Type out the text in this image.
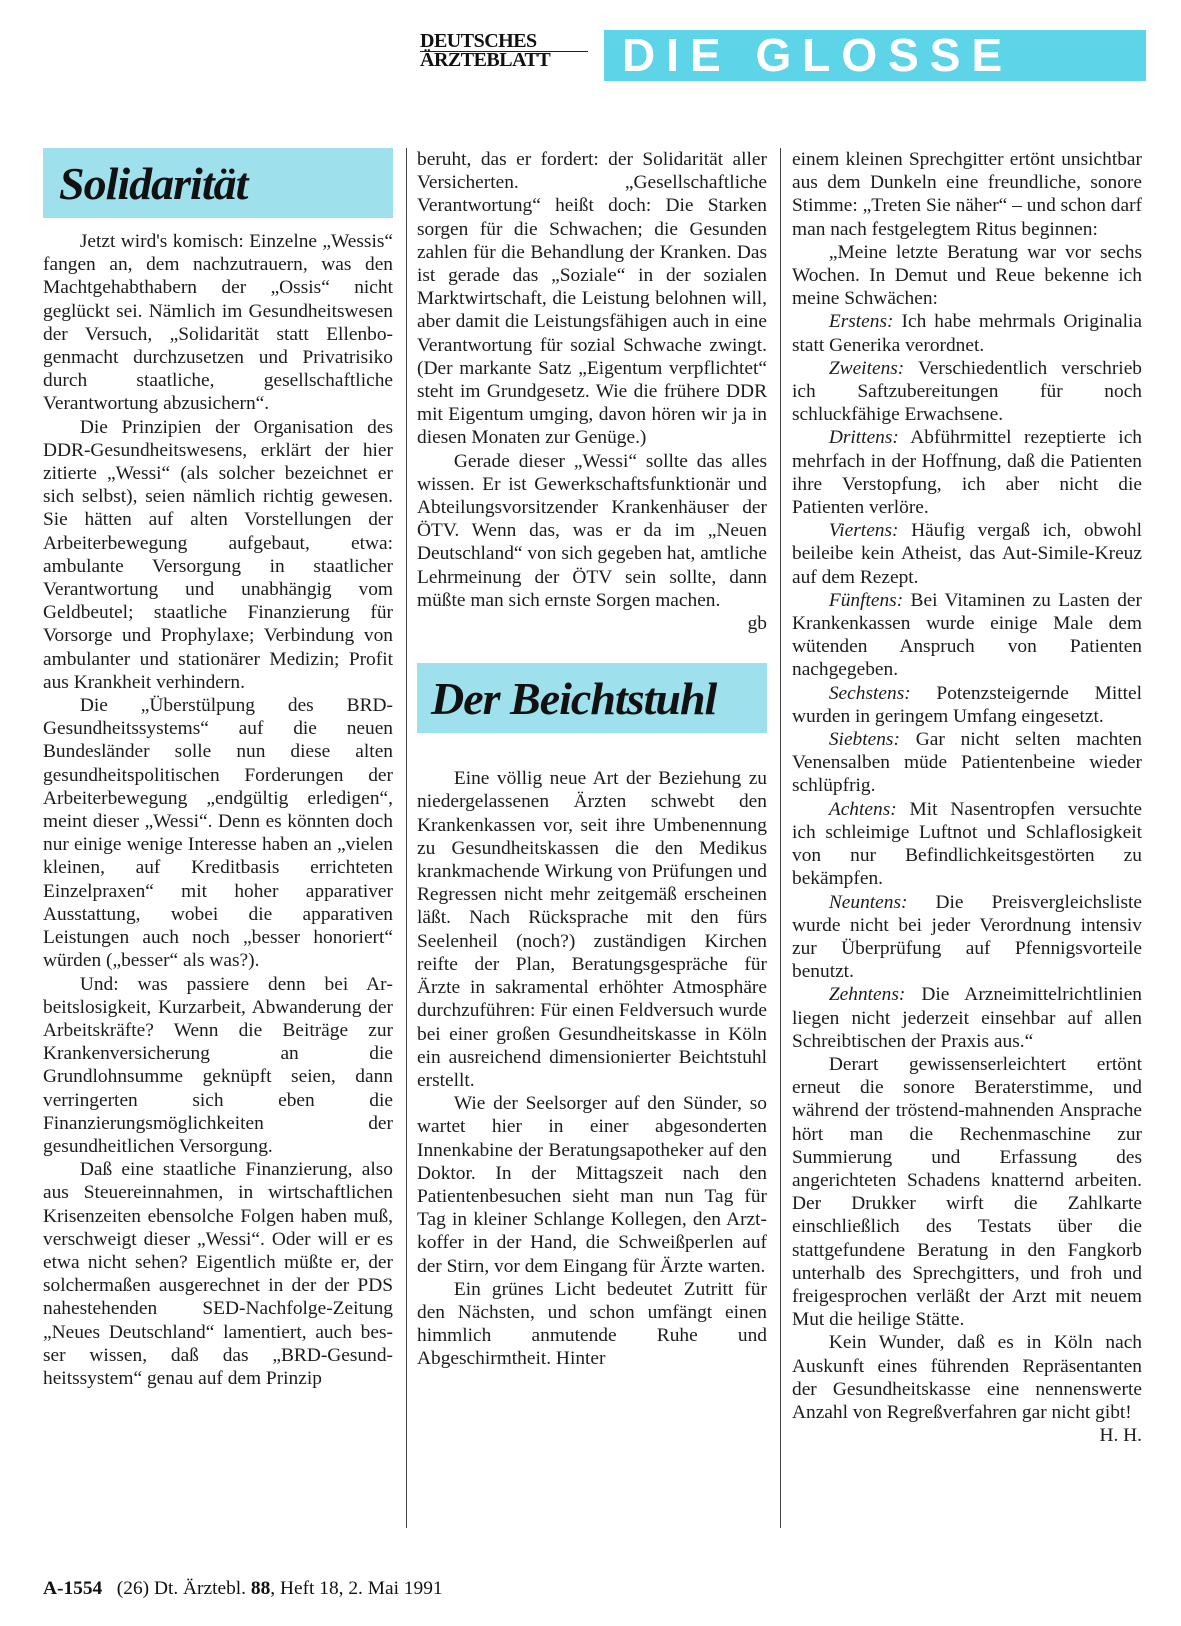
DEUTSCHES
ÄRZTEBLATT	DIE GLOSSE
Solidarität

Jetzt wird's komisch: Einzelne „Wessis“ fangen an, dem nachzutrauern, was den Machtgehabthabern der „Ossis“ nicht geglückt sei. Nämlich im Gesundheitswesen der Versuch, „Solidarität statt Ellenbogenmacht durchzusetzen und Privatrisiko durch staatliche, gesellschaftliche Verantwortung abzusichern“.

Die Prinzipien der Organisation des DDR-Gesundheitswesens, erklärt der hier zitierte „Wessi“ (als solcher bezeichnet er sich selbst), seien nämlich richtig gewesen. Sie hätten auf alten Vorstellungen der Arbeiterbewegung aufgebaut, etwa: ambulante Versorgung in staatlicher Verantwortung und unabhängig vom Geldbeutel; staatliche Finanzierung für Vorsorge und Prophylaxe; Verbindung von ambulanter und stationärer Medizin; Profit aus Krankheit verhindern.

Die „Überstülpung des BRD-Gesundheitssystems“ auf die neuen Bundesländer solle nun diese alten gesundheitspolitischen Forderungen der Arbeiterbewegung „endgültig erledigen“, meint dieser „Wessi“. Denn es könnten doch nur einige wenige Interesse haben an „vielen kleinen, auf Kreditbasis errichteten Einzelpraxen“ mit hoher apparativer Ausstattung, wobei die apparativen Leistungen auch noch „besser honoriert“ würden („besser“ als was?).

Und: was passiere denn bei Arbeitslosigkeit, Kurzarbeit, Abwanderung der Arbeitskräfte? Wenn die Beiträge zur Krankenversicherung an die Grundlohnsumme geknüpft seien, dann verringerten sich eben die Finanzierungsmöglichkeiten der gesundheitlichen Versorgung.

Daß eine staatliche Finanzierung, also aus Steuereinnahmen, in wirtschaftlichen Krisenzeiten ebensolche Folgen haben muß, verschweigt dieser „Wessi“. Oder will er es etwa nicht sehen? Eigentlich müßte er, der solchermaßen ausgerechnet in der der PDS nahestehenden SED-Nachfolge-Zeitung „Neues Deutschland“ lamentiert, auch besser wissen, daß das „BRD-Gesundheitssystem“ genau auf dem Prinzip

beruht, das er fordert: der Solidarität aller Versicherten. „Gesellschaftliche Verantwortung“ heißt doch: Die Starken sorgen für die Schwachen; die Gesunden zahlen für die Behandlung der Kranken. Das ist gerade das „Soziale“ in der sozialen Marktwirtschaft, die Leistung belohnen will, aber damit die Leistungsfähigen auch in eine Verantwortung für sozial Schwache zwingt. (Der markante Satz „Eigentum verpflichtet“ steht im Grundgesetz. Wie die frühere DDR mit Eigentum umging, davon hören wir ja in diesen Monaten zur Genüge.)

Gerade dieser „Wessi“ sollte das alles wissen. Er ist Gewerkschaftsfunktionär und Abteilungsvorsitzender Krankenhäuser der ÖTV. Wenn das, was er da im „Neuen Deutschland“ von sich gegeben hat, amtliche Lehrmeinung der ÖTV sein sollte, dann müßte man sich ernste Sorgen machen.

gb

Der Beichtstuhl

Eine völlig neue Art der Beziehung zu niedergelassenen Ärzten schwebt den Krankenkassen vor, seit ihre Umbenennung zu Gesundheitskassen die den Medikus krankmachende Wirkung von Prüfungen und Regressen nicht mehr zeitgemäß erscheinen läßt. Nach Rücksprache mit den fürs Seelenheil (noch?) zuständigen Kirchen reifte der Plan, Beratungsgespräche für Ärzte in sakramental erhöhter Atmosphäre durchzuführen: Für einen Feldversuch wurde bei einer großen Gesundheitskasse in Köln ein ausreichend dimensionierter Beichtstuhl erstellt.

Wie der Seelsorger auf den Sünder, so wartet hier in einer abgesonderten Innenkabine der Beratungsapotheker auf den Doktor. In der Mittagszeit nach den Patientenbesuchen sieht man nun Tag für Tag in kleiner Schlange Kollegen, den Arztkoffer in der Hand, die Schweißperlen auf der Stirn, vor dem Eingang für Ärzte warten.

Ein grünes Licht bedeutet Zutritt für den Nächsten, und schon umfängt einen himmlich anmutende Ruhe und Abgeschirmtheit. Hinter

einem kleinen Sprechgitter ertönt unsichtbar aus dem Dunkeln eine freundliche, sonore Stimme: „Treten Sie näher“ – und schon darf man nach festgelegtem Ritus beginnen:

„Meine letzte Beratung war vor sechs Wochen. In Demut und Reue bekenne ich meine Schwächen:

Erstens: Ich habe mehrmals Originalia statt Generika verordnet.

Zweitens: Verschiedentlich verschrieb ich Saftzubereitungen für noch schluckfähige Erwachsene.

Drittens: Abführmittel rezeptierte ich mehrfach in der Hoffnung, daß die Patienten ihre Verstopfung, ich aber nicht die Patienten verlöre.

Viertens: Häufig vergaß ich, obwohl beileibe kein Atheist, das Aut-Simile-Kreuz auf dem Rezept.

Fünftens: Bei Vitaminen zu Lasten der Krankenkassen wurde einige Male dem wütenden Anspruch von Patienten nachgegeben.

Sechstens: Potenzsteigernde Mittel wurden in geringem Umfang eingesetzt.

Siebtens: Gar nicht selten machten Venensalben müde Patientenbeine wieder schlüpfrig.

Achtens: Mit Nasentropfen versuchte ich schleimige Luftnot und Schlaflosigkeit von nur Befindlichkeitsgestörten zu bekämpfen.

Neuntens: Die Preisvergleichsliste wurde nicht bei jeder Verordnung intensiv zur Überprüfung auf Pfennigsvorteile benutzt.

Zehntens: Die Arzneimittelrichtlinien liegen nicht jederzeit einsehbar auf allen Schreibtischen der Praxis aus.“

Derart gewissenserleichtert ertönt erneut die sonore Beraterstimme, und während der tröstend-mahnenden Ansprache hört man die Rechenmaschine zur Summierung und Erfassung des angerichteten Schadens knatternd arbeiten. Der Drukker wirft die Zahlkarte einschließlich des Testats über die stattgefundene Beratung in den Fangkorb unterhalb des Sprechgitters, und froh und freigesprochen verläßt der Arzt mit neuem Mut die heilige Stätte.

Kein Wunder, daß es in Köln nach Auskunft eines führenden Repräsentanten der Gesundheitskasse eine nennenswerte Anzahl von Regreßverfahren gar nicht gibt!
H. H.

A-1554 (26) Dt. Ärztebl. 88, Heft 18, 2. Mai 1991
